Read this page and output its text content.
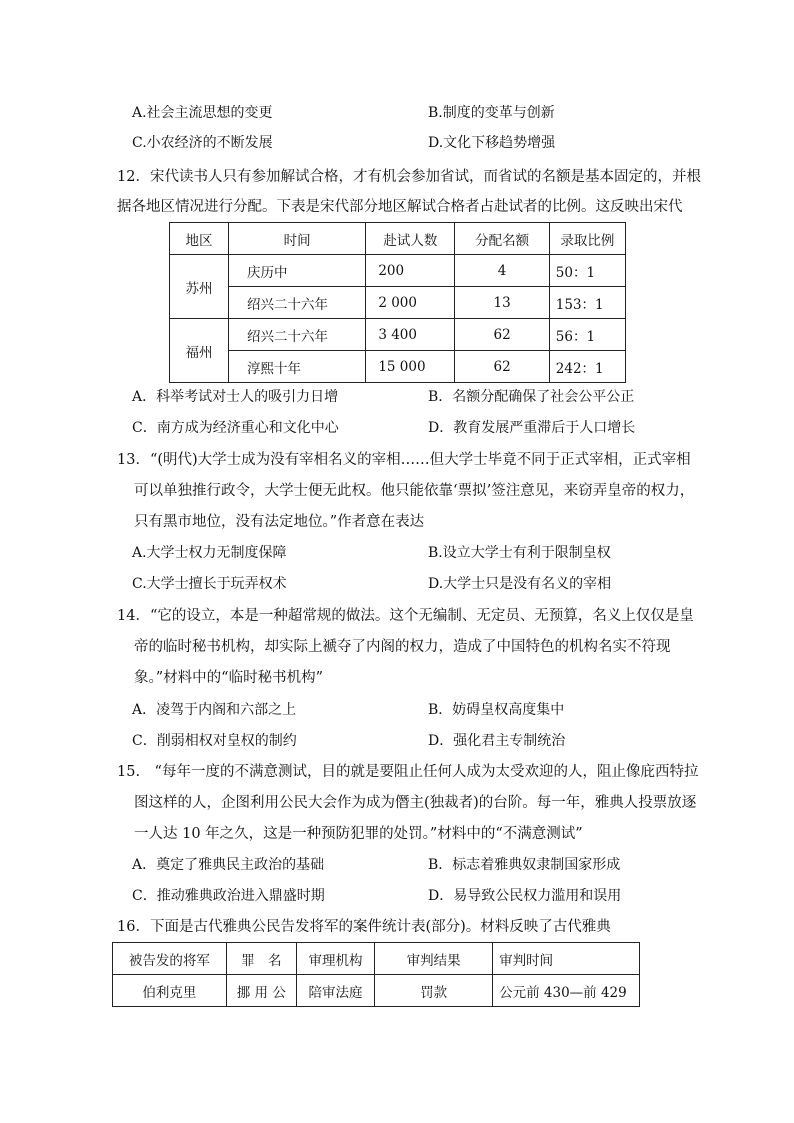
A.社会主流思想的变更	B.制度的变革与创新
C.小农经济的不断发展	D.文化下移趋势增强
12．宋代读书人只有参加解试合格，才有机会参加省试，而省试的名额是基本固定的，并根
据各地区情况进行分配。下表是宋代部分地区解试合格者占赴试者的比例。这反映出宋代
地区	时间	赴试人数	分配名额	录取比例
苏州	庆历中	200	4	50：1
	绍兴二十六年	2 000	13	153：1
福州	绍兴二十六年	3 400	62	56：1
	淳熙十年	15 000	62	242：1
A．科举考试对士人的吸引力日增	B．名额分配确保了社会公平公正
C．南方成为经济重心和文化中心	D．教育发展严重滞后于人口增长
13．“(明代)大学士成为没有宰相名义的宰相……但大学士毕竟不同于正式宰相，正式宰相
可以单独推行政令，大学士便无此权。他只能依靠‘票拟’签注意见，来窃弄皇帝的权力，
只有黑市地位，没有法定地位。”作者意在表达
A.大学士权力无制度保障	B.设立大学士有利于限制皇权
C.大学士擅长于玩弄权术	D.大学士只是没有名义的宰相
14．“它的设立，本是一种超常规的做法。这个无编制、无定员、无预算，名义上仅仅是皇
帝的临时秘书机构，却实际上褫夺了内阁的权力，造成了中国特色的机构名实不符现
象。”材料中的“临时秘书机构”
A．凌驾于内阁和六部之上	B．妨碍皇权高度集中
C．削弱相权对皇权的制约	D．强化君主专制统治
15.　“每年一度的不满意测试，目的就是要阻止任何人成为太受欢迎的人，阻止像庇西特拉
图这样的人，企图利用公民大会作为成为僭主(独裁者)的台阶。每一年，雅典人投票放逐
一人达 10 年之久，这是一种预防犯罪的处罚。”材料中的“不满意测试”
A．奠定了雅典民主政治的基础	B．标志着雅典奴隶制国家形成
C．推动雅典政治进入鼎盛时期	D．易导致公民权力滥用和误用
16．下面是古代雅典公民告发将军的案件统计表(部分)。材料反映了古代雅典
被告发的将军	罪　名	审理机构	审判结果	审判时间
伯利克里	挪 用 公	陪审法庭	罚款	公元前 430—前 429
